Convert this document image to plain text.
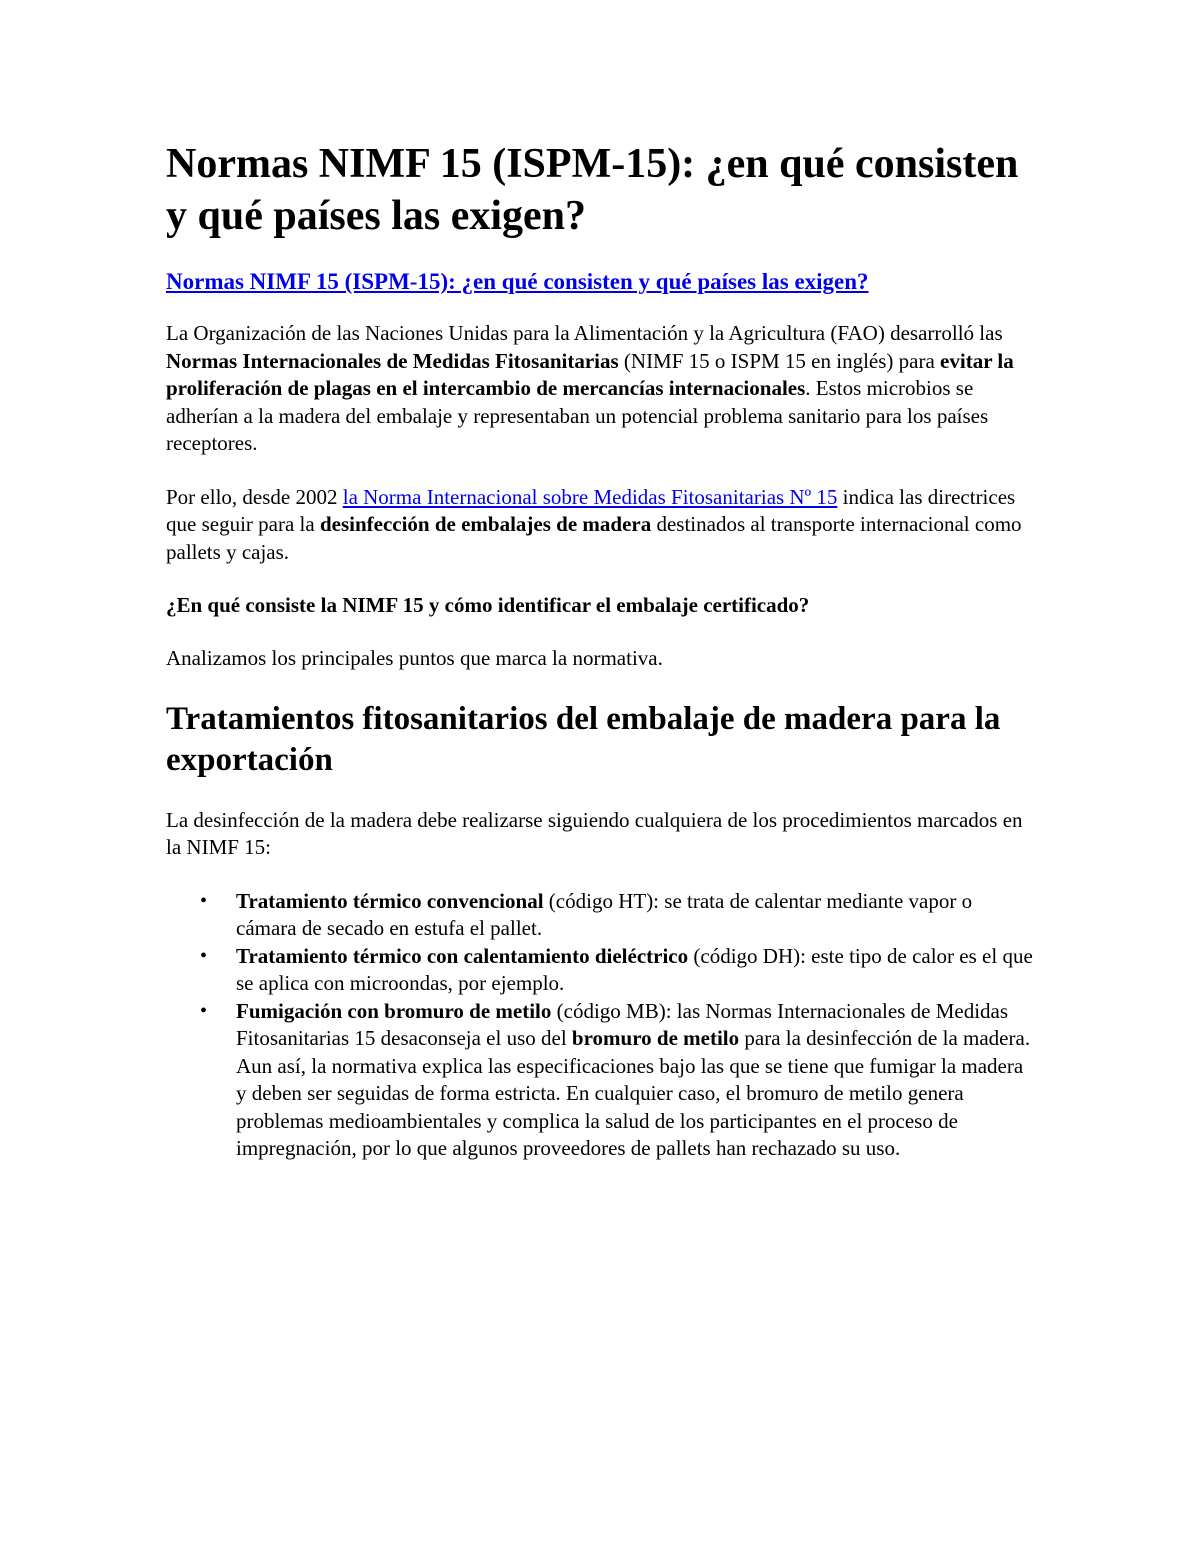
Normas NIMF 15 (ISPM-15): ¿en qué consisten y qué países las exigen?
Normas NIMF 15 (ISPM-15): ¿en qué consisten y qué países las exigen?

La Organización de las Naciones Unidas para la Alimentación y la Agricultura (FAO) desarrolló las Normas Internacionales de Medidas Fitosanitarias (NIMF 15 o ISPM 15 en inglés) para evitar la proliferación de plagas en el intercambio de mercancías internacionales. Estos microbios se adherían a la madera del embalaje y representaban un potencial problema sanitario para los países receptores.

Por ello, desde 2002 la Norma Internacional sobre Medidas Fitosanitarias Nº 15 indica las directrices que seguir para la desinfección de embalajes de madera destinados al transporte internacional como pallets y cajas.

¿En qué consiste la NIMF 15 y cómo identificar el embalaje certificado?

Analizamos los principales puntos que marca la normativa.

Tratamientos fitosanitarios del embalaje de madera para la exportación

La desinfección de la madera debe realizarse siguiendo cualquiera de los procedimientos marcados en la NIMF 15:

• Tratamiento térmico convencional (código HT): se trata de calentar mediante vapor o cámara de secado en estufa el pallet.
• Tratamiento térmico con calentamiento dieléctrico (código DH): este tipo de calor es el que se aplica con microondas, por ejemplo.
• Fumigación con bromuro de metilo (código MB): las Normas Internacionales de Medidas Fitosanitarias 15 desaconseja el uso del bromuro de metilo para la desinfección de la madera. Aun así, la normativa explica las especificaciones bajo las que se tiene que fumigar la madera y deben ser seguidas de forma estricta. En cualquier caso, el bromuro de metilo genera problemas medioambientales y complica la salud de los participantes en el proceso de impregnación, por lo que algunos proveedores de pallets han rechazado su uso.
